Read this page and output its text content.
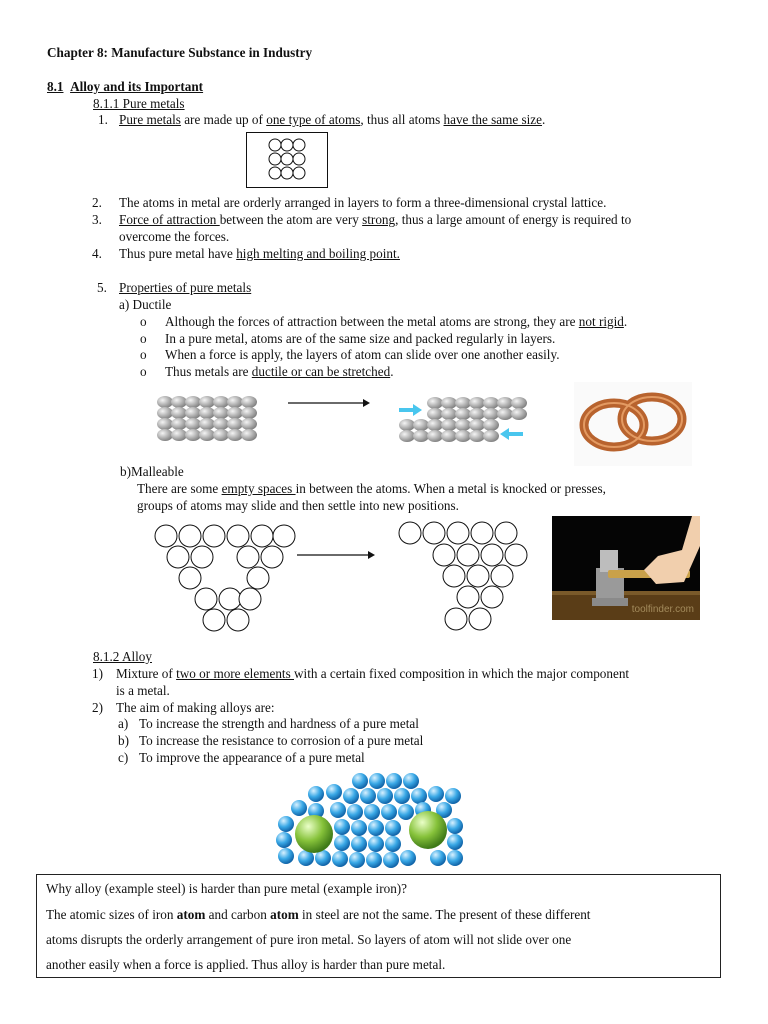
Chapter 8: Manufacture Substance in Industry
8.1 Alloy and its Important
8.1.1 Pure metals
1. Pure metals are made up of one type of atoms, thus all atoms have the same size.
2. The atoms in metal are orderly arranged in layers to form a three-dimensional crystal lattice.
3. Force of attraction between the atom are very strong, thus a large amount of energy is required to
overcome the forces.
4. Thus pure metal have high melting and boiling point.
5. Properties of pure metals
a) Ductile
o Although the forces of attraction between the metal atoms are strong, they are not rigid.
o In a pure metal, atoms are of the same size and packed regularly in layers.
o When a force is apply, the layers of atom can slide over one another easily.
o Thus metals are ductile or can be stretched.
b)Malleable
There are some empty spaces in between the atoms. When a metal is knocked or presses,
groups of atoms may slide and then settle into new positions.
toolfinder.com
8.1.2 Alloy
1) Mixture of two or more elements with a certain fixed composition in which the major component
is a metal.
2) The aim of making alloys are:
a) To increase the strength and hardness of a pure metal
b) To increase the resistance to corrosion of a pure metal
c) To improve the appearance of a pure metal
Why alloy (example steel) is harder than pure metal (example iron)?
The atomic sizes of iron atom and carbon atom in steel are not the same. The present of these different
atoms disrupts the orderly arrangement of pure iron metal. So layers of atom will not slide over one
another easily when a force is applied. Thus alloy is harder than pure metal.
